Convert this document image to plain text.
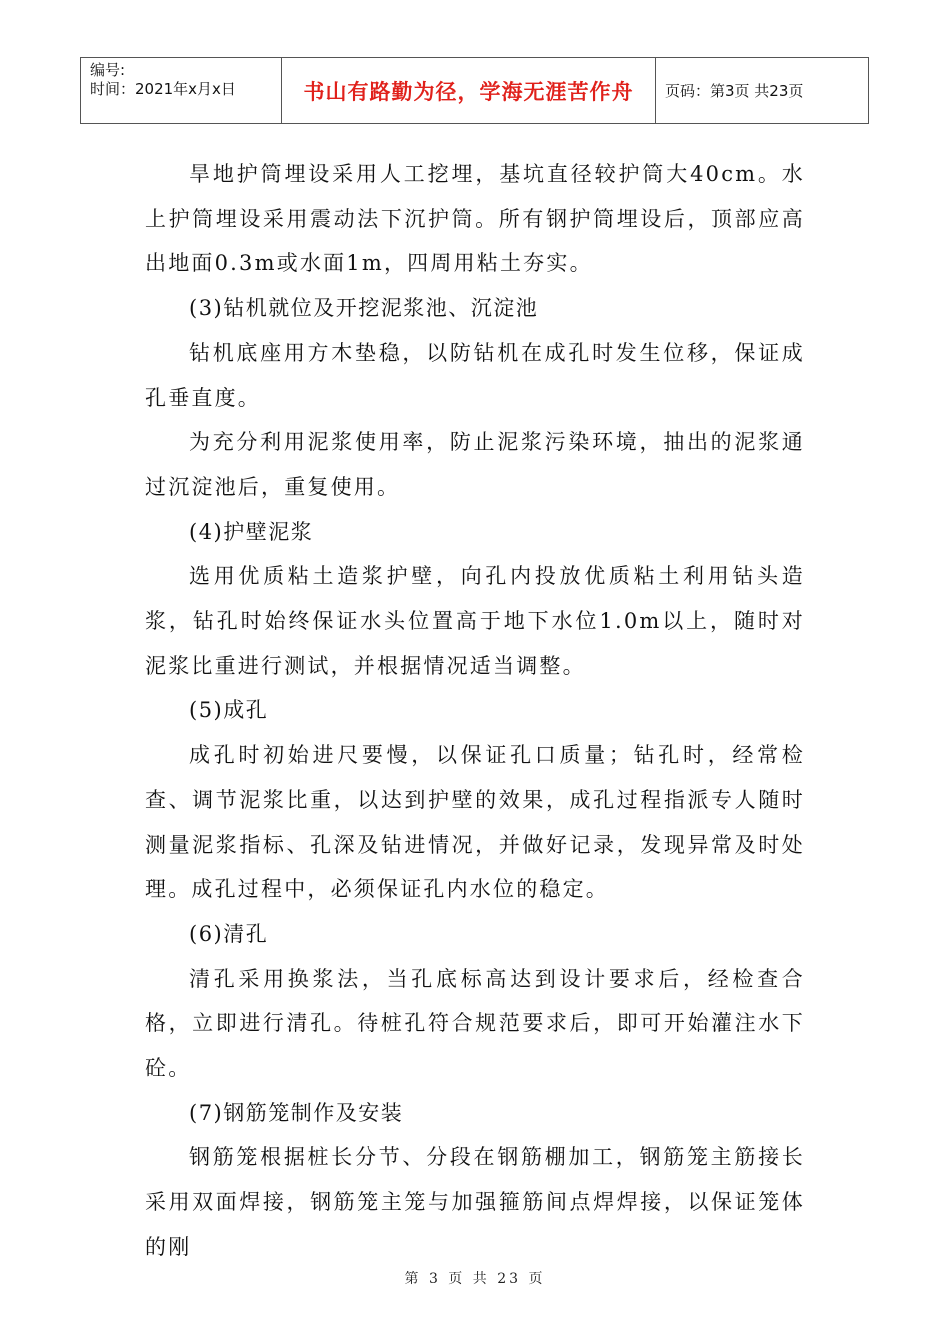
编号:
时间：2021年x月x日	书山有路勤为径，学海无涯苦作舟	页码：第3页 共23页

旱地护筒埋设采用人工挖埋，基坑直径较护筒大40cm。水上护筒埋设采用震动法下沉护筒。所有钢护筒埋设后，顶部应高出地面0.3m或水面1m，四周用粘土夯实。

(3)钻机就位及开挖泥浆池、沉淀池

钻机底座用方木垫稳，以防钻机在成孔时发生位移，保证成孔垂直度。

为充分利用泥浆使用率，防止泥浆污染环境，抽出的泥浆通过沉淀池后，重复使用。

(4)护壁泥浆

选用优质粘土造浆护壁，向孔内投放优质粘土利用钻头造浆，钻孔时始终保证水头位置高于地下水位1.0m以上，随时对泥浆比重进行测试，并根据情况适当调整。

(5)成孔

成孔时初始进尺要慢，以保证孔口质量；钻孔时，经常检查、调节泥浆比重，以达到护壁的效果，成孔过程指派专人随时测量泥浆指标、孔深及钻进情况，并做好记录，发现异常及时处理。成孔过程中，必须保证孔内水位的稳定。

(6)清孔

清孔采用换浆法，当孔底标高达到设计要求后，经检查合格，立即进行清孔。待桩孔符合规范要求后，即可开始灌注水下砼。

(7)钢筋笼制作及安装

钢筋笼根据桩长分节、分段在钢筋棚加工，钢筋笼主筋接长采用双面焊接，钢筋笼主笼与加强箍筋间点焊焊接，以保证笼体的刚

第 3 页 共 23 页
